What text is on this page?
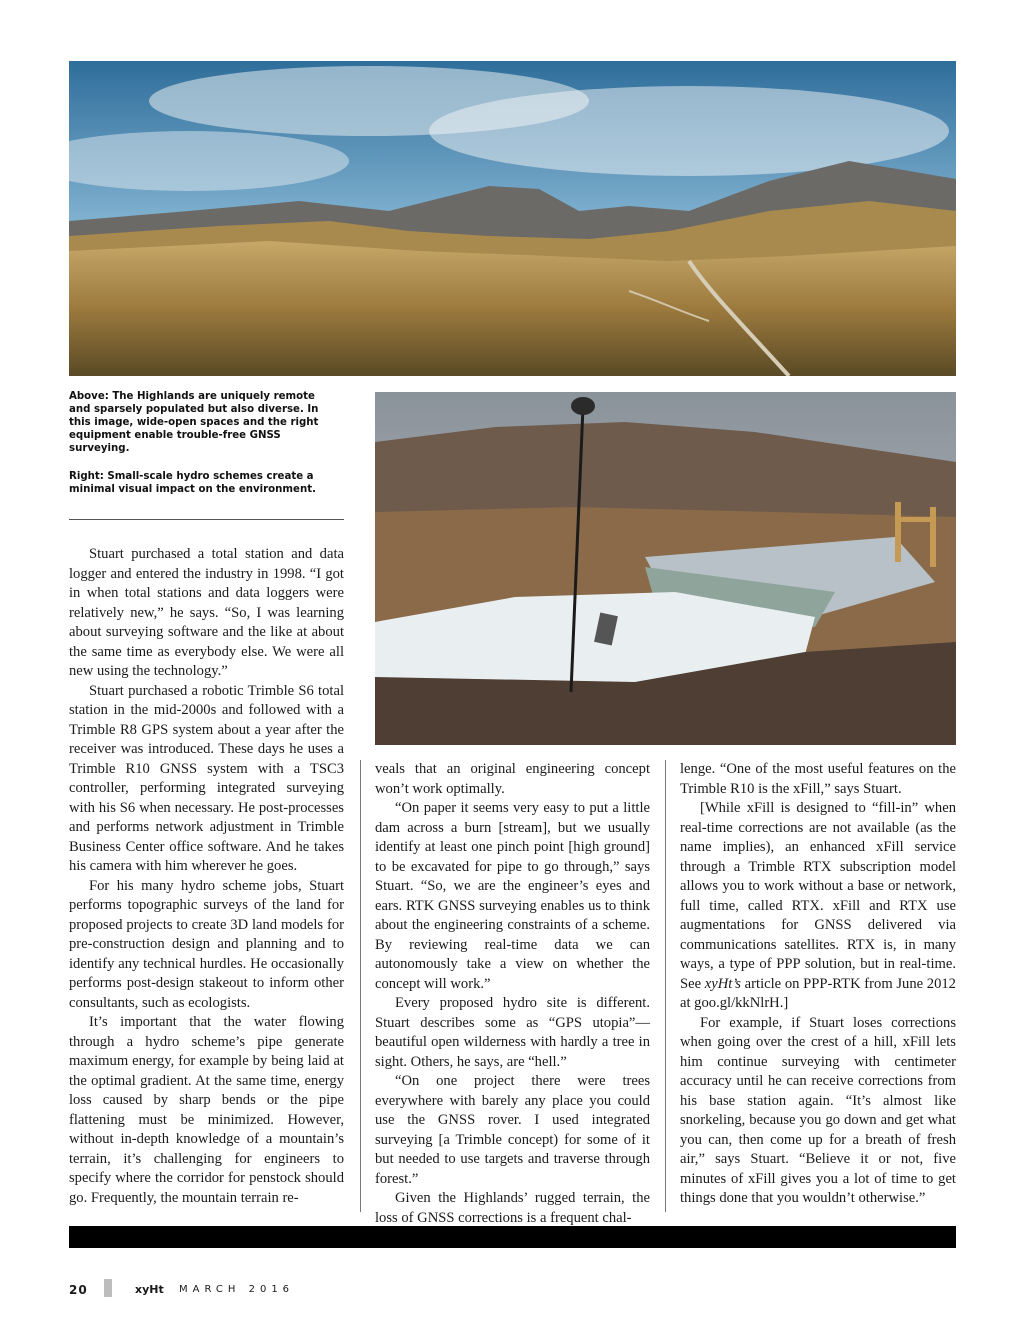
Above: The Highlands are uniquely remote and sparsely populated but also diverse. In this image, wide-open spaces and the right equipment enable trouble-free GNSS surveying.
Right: Small-scale hydro schemes create a minimal visual impact on the environment.

Stuart purchased a total station and data logger and entered the industry in 1998. “I got in when total stations and data loggers were relatively new,” he says. “So, I was learning about surveying software and the like at about the same time as everybody else. We were all new using the technology.”

Stuart purchased a robotic Trimble S6 total station in the mid-2000s and followed with a Trimble R8 GPS system about a year after the receiver was introduced. These days he uses a Trimble R10 GNSS system with a TSC3 controller, performing integrated surveying with his S6 when necessary. He post-processes and performs network adjustment in Trimble Business Center office software. And he takes his camera with him wherever he goes.

For his many hydro scheme jobs, Stuart performs topographic surveys of the land for proposed projects to create 3D land models for pre-construction design and planning and to identify any technical hurdles. He occasionally performs post-design stakeout to inform other consultants, such as ecologists.

It’s important that the water flowing through a hydro scheme’s pipe generate maximum energy, for example by being laid at the optimal gradient. At the same time, energy loss caused by sharp bends or the pipe flattening must be minimized. However, without in-depth knowledge of a mountain’s terrain, it’s challenging for engineers to specify where the corridor for penstock should go. Frequently, the mountain terrain re-

veals that an original engineering concept won’t work optimally.

“On paper it seems very easy to put a little dam across a burn [stream], but we usually identify at least one pinch point [high ground] to be excavated for pipe to go through,” says Stuart. “So, we are the engineer’s eyes and ears. RTK GNSS surveying enables us to think about the engineering constraints of a scheme. By reviewing real-time data we can autonomously take a view on whether the concept will work.”

Every proposed hydro site is different. Stuart describes some as “GPS utopia”—beautiful open wilderness with hardly a tree in sight. Others, he says, are “hell.”

“On one project there were trees everywhere with barely any place you could use the GNSS rover. I used integrated surveying [a Trimble concept) for some of it but needed to use targets and traverse through forest.”

Given the Highlands’ rugged terrain, the loss of GNSS corrections is a frequent chal-

lenge. “One of the most useful features on the Trimble R10 is the xFill,” says Stuart.

[While xFill is designed to “fill-in” when real-time corrections are not available (as the name implies), an enhanced xFill service through a Trimble RTX subscription model allows you to work without a base or network, full time, called RTX. xFill and RTX use augmentations for GNSS delivered via communications satellites. RTX is, in many ways, a type of PPP solution, but in real-time. See xyHt’s article on PPP-RTK from June 2012 at goo.gl/kkNlrH.]

For example, if Stuart loses corrections when going over the crest of a hill, xFill lets him continue surveying with centimeter accuracy until he can receive corrections from his base station again. “It’s almost like snorkeling, because you go down and get what you can, then come up for a breath of fresh air,” says Stuart. “Believe it or not, five minutes of xFill gives you a lot of time to get things done that you wouldn’t otherwise.”

20	xyHt MARCH 2016
